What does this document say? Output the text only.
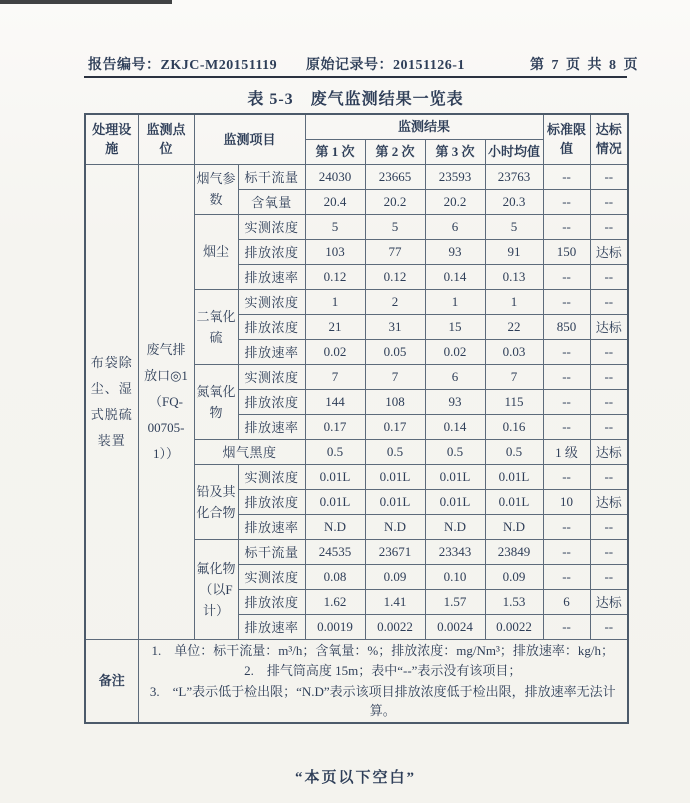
报告编号：ZKJC-M20151119 原始记录号：20151126-1	第 7 页 共 8 页
表 5-3　废气监测结果一览表
处理设施	监测点位	监测项目		监测结果				标准限值	达标情况
				第 1 次	第 2 次	第 3 次	小时均值		
布袋除尘、湿式脱硫装置	废气排放口◎1（FQ-00705-1））	烟气参数	标干流量	24030	23665	23593	23763	--	--
			含氧量	20.4	20.2	20.2	20.3	--	--
		烟尘	实测浓度	5	5	6	5	--	--
			排放浓度	103	77	93	91	150	达标
			排放速率	0.12	0.12	0.14	0.13	--	--
		二氧化硫	实测浓度	1	2	1	1	--	--
			排放浓度	21	31	15	22	850	达标
			排放速率	0.02	0.05	0.02	0.03	--	--
		氮氧化物	实测浓度	7	7	6	7	--	--
			排放浓度	144	108	93	115	--	--
			排放速率	0.17	0.17	0.14	0.16	--	--
		烟气黑度		0.5	0.5	0.5	0.5	1 级	达标
		铅及其化合物	实测浓度	0.01L	0.01L	0.01L	0.01L	--	--
			排放浓度	0.01L	0.01L	0.01L	0.01L	10	达标
			排放速率	N.D	N.D	N.D	N.D	--	--
		氟化物（以F计）	标干流量	24535	23671	23343	23849	--	--
			实测浓度	0.08	0.09	0.10	0.09	--	--
			排放浓度	1.62	1.41	1.57	1.53	6	达标
			排放速率	0.0019	0.0022	0.0024	0.0022	--	--
备注	1.　单位：标干流量：m³/h；含氧量：%；排放浓度：mg/Nm³；排放速率：kg/h；
2.　排气筒高度 15m；表中“--”表示没有该项目；
3.　“L”表示低于检出限；“N.D”表示该项目排放浓度低于检出限，排放速率无法计算。								
“本页以下空白”
